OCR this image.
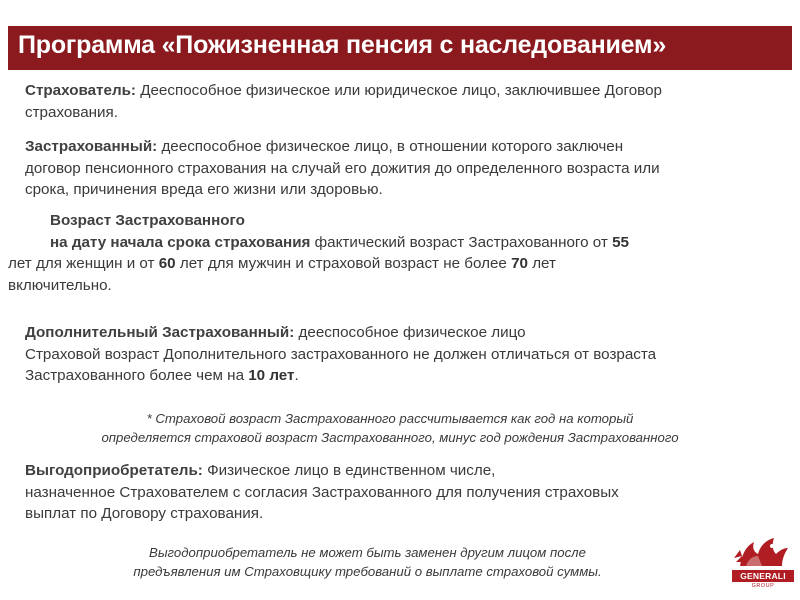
Программа «Пожизненная пенсия с наследованием»
Страхователь: Дееспособное физическое или юридическое лицо, заключившее Договор
страхования.
Застрахованный: дееспособное физическое лицо, в отношении которого заключен
договор пенсионного страхования на случай его дожития до определенного возраста или
срока, причинения вреда его жизни или здоровью.
Возраст Застрахованного
на дату начала срока страхования фактический возраст Застрахованного от 55
лет для женщин и от 60 лет для мужчин и страховой возраст не более 70 лет
включительно.
Дополнительный Застрахованный: дееспособное физическое лицо
Страховой возраст Дополнительного застрахованного не должен отличаться от возраста
Застрахованного более чем на 10 лет.
* Страховой возраст Застрахованного рассчитывается как год на который
определяется страховой возраст Застрахованного, минус год рождения Застрахованного
Выгодоприобретатель: Физическое лицо в единственном числе,
назначенное Страхователем с согласия Застрахованного для получения страховых
выплат по Договору страхования.
Выгодоприобретатель не может быть заменен другим лицом после
предъявления им Страховщику требований о выплате страховой суммы.	GENERALI
GROUP
